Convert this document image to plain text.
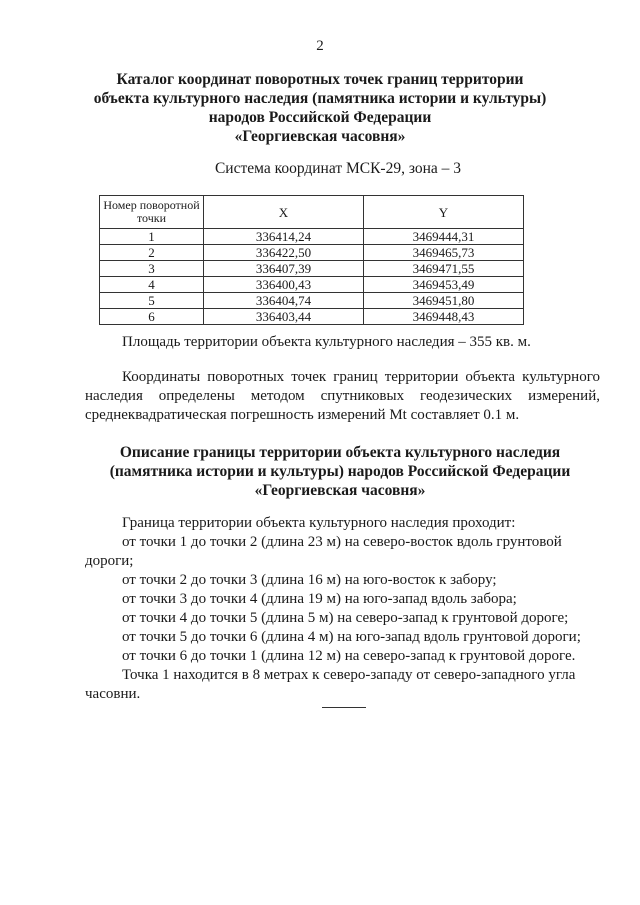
2
Каталог координат поворотных точек границ территории
объекта культурного наследия (памятника истории и культуры)
народов Российской Федерации
«Георгиевская часовня»
Система координат МСК-29, зона – 3
Номер поворотной точки	X	Y
1	336414,24	3469444,31
2	336422,50	3469465,73
3	336407,39	3469471,55
4	336400,43	3469453,49
5	336404,74	3469451,80
6	336403,44	3469448,43
Площадь территории объекта культурного наследия – 355 кв. м.
Координаты поворотных точек границ территории объекта культурного наследия определены методом спутниковых геодезических измерений, среднеквадратическая погрешность измерений Mt составляет 0.1 м.
Описание границы территории объекта культурного наследия
(памятника истории и культуры) народов Российской Федерации
«Георгиевская часовня»
Граница территории объекта культурного наследия проходит:
от точки 1 до точки 2 (длина 23 м) на северо-восток вдоль грунтовой
дороги;
от точки 2 до точки 3 (длина 16 м) на юго-восток к забору;
от точки 3 до точки 4 (длина 19 м) на юго-запад вдоль забора;
от точки 4 до точки 5 (длина 5 м) на северо-запад к грунтовой дороге;
от точки 5 до точки 6 (длина 4 м) на юго-запад вдоль грунтовой дороги;
от точки 6 до точки 1 (длина 12 м) на северо-запад к грунтовой дороге.
Точка 1 находится в 8 метрах к северо-западу от северо-западного угла
часовни.
